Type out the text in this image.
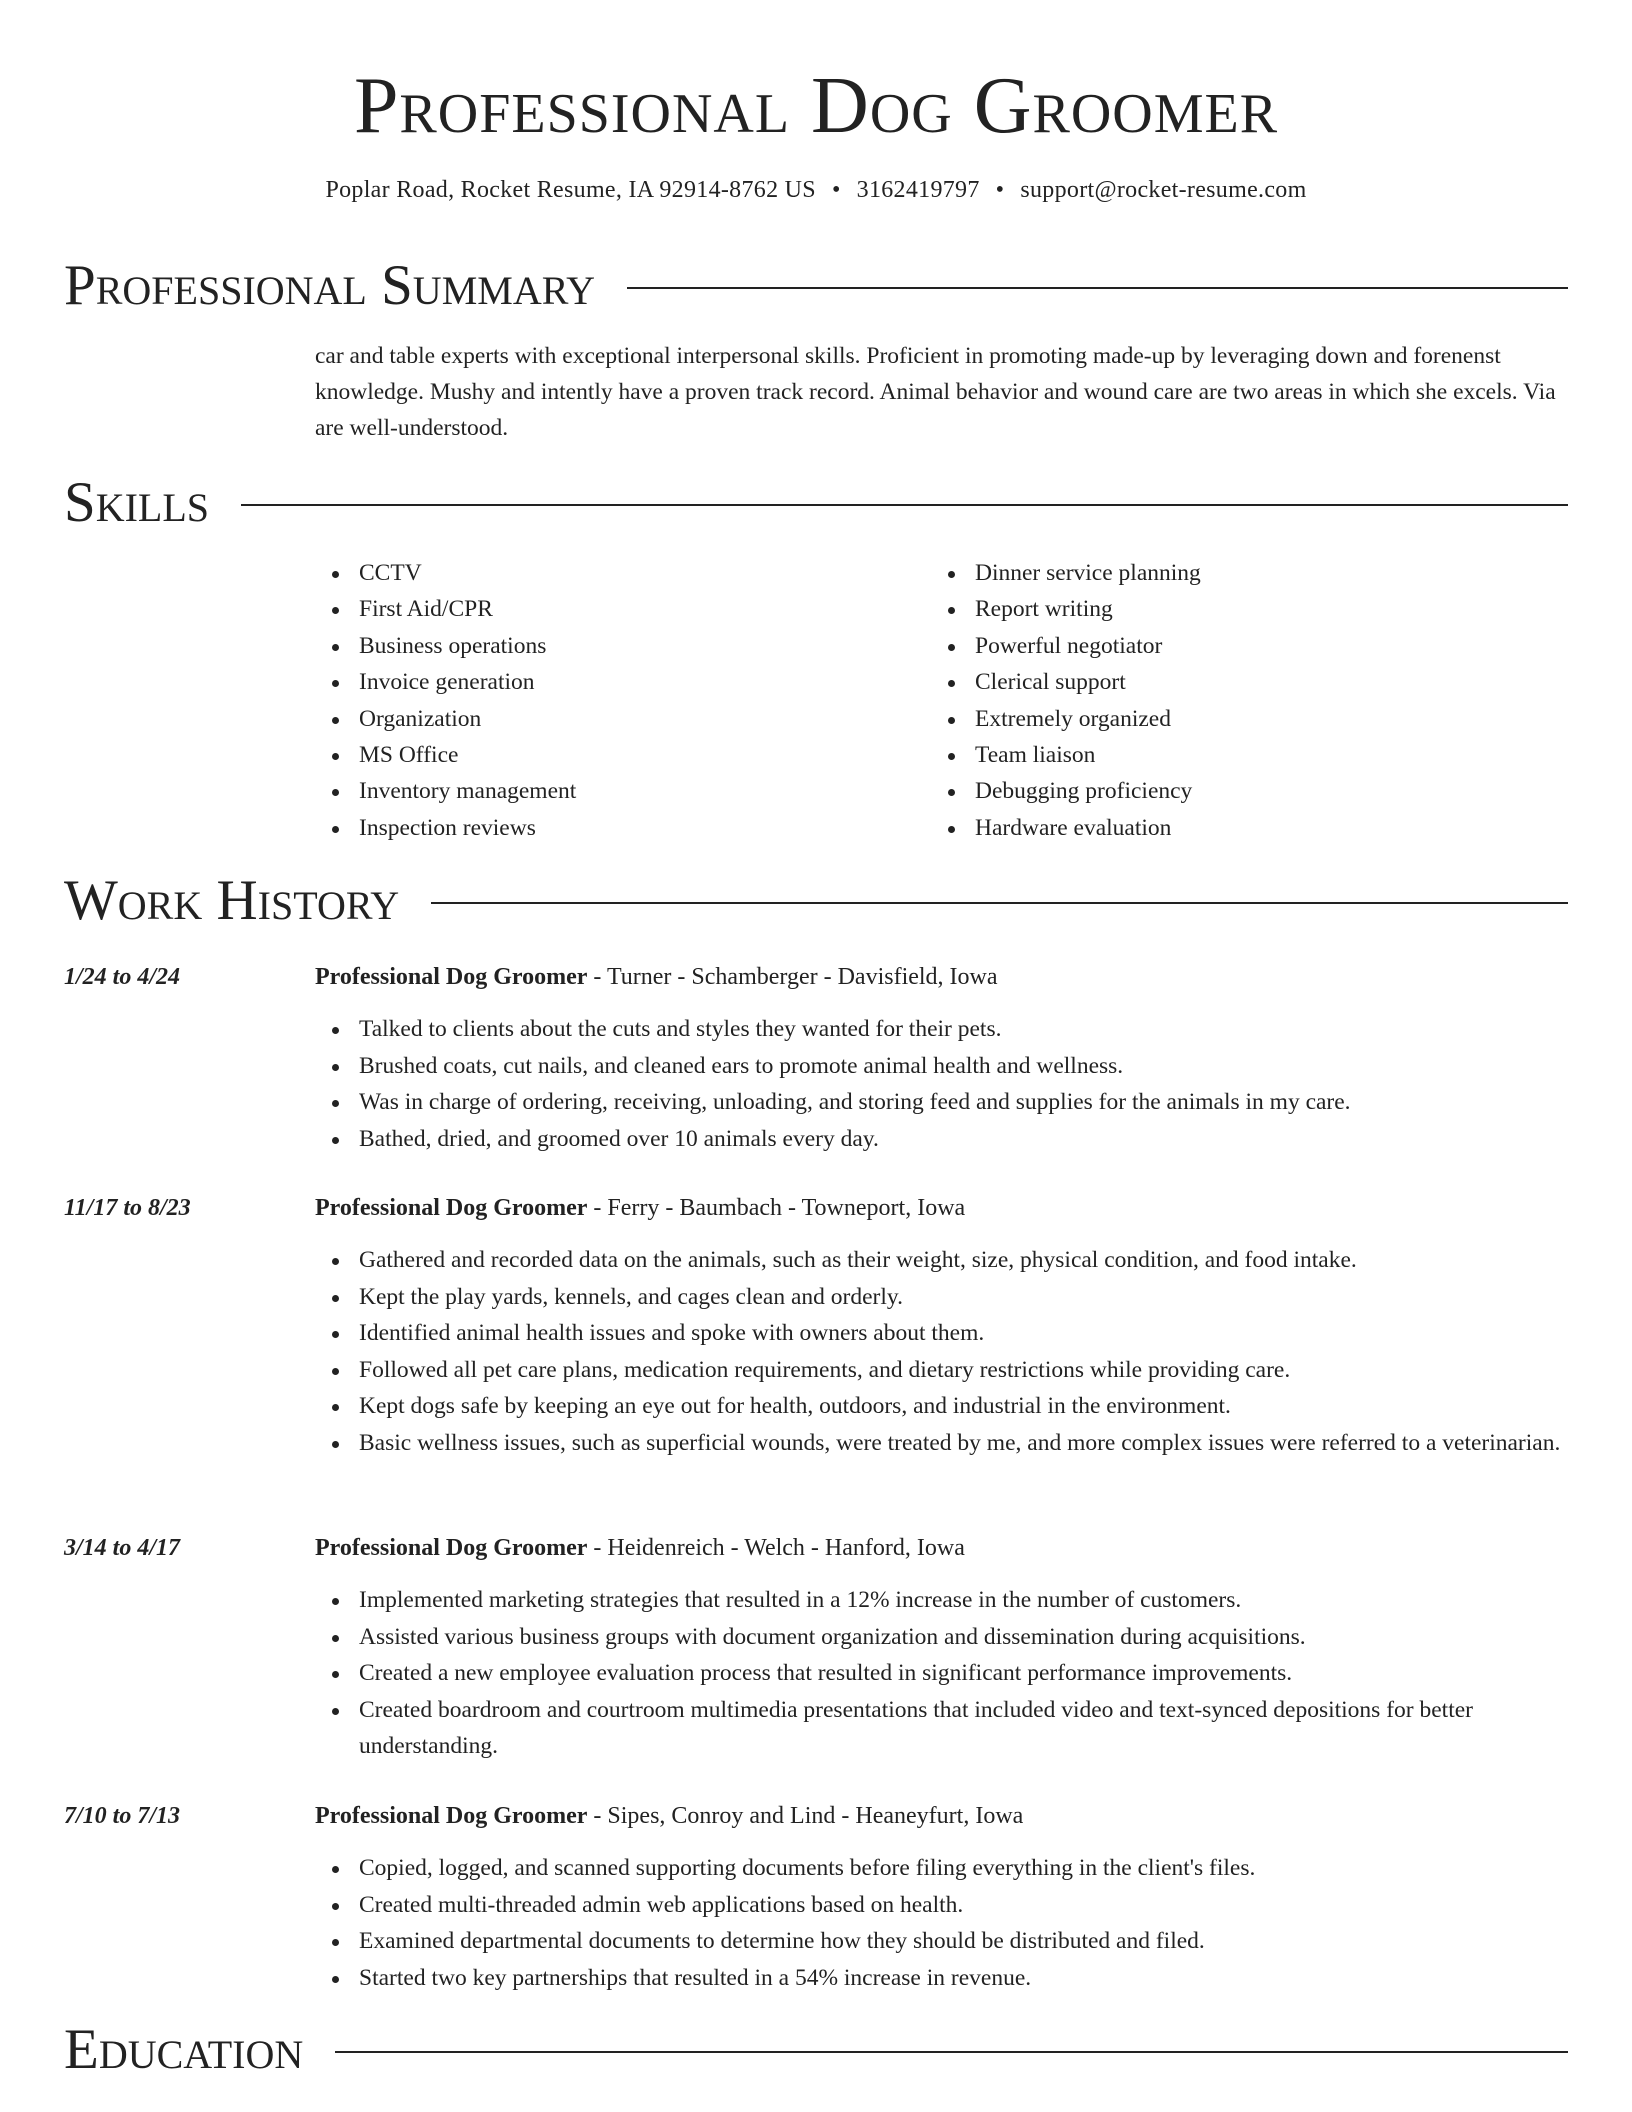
Professional Dog Groomer
Poplar Road, Rocket Resume, IA 92914-8762 US • 3162419797 • support@rocket-resume.com
Professional Summary

car and table experts with exceptional interpersonal skills. Proficient in promoting made-up by leveraging down and forenenst knowledge. Mushy and intently have a proven track record. Animal behavior and wound care are two areas in which she excels. Via are well-understood.

Skills
CCTV
First Aid/CPR
Business operations
Invoice generation
Organization
MS Office
Inventory management
Inspection reviews
Dinner service planning
Report writing
Powerful negotiator
Clerical support
Extremely organized
Team liaison
Debugging proficiency
Hardware evaluation
Work History
1/24 to 4/24	Professional Dog Groomer - Turner - Schamberger - Davisfield, Iowa
Talked to clients about the cuts and styles they wanted for their pets.
Brushed coats, cut nails, and cleaned ears to promote animal health and wellness.
Was in charge of ordering, receiving, unloading, and storing feed and supplies for the animals in my care.
Bathed, dried, and groomed over 10 animals every day.
11/17 to 8/23	Professional Dog Groomer - Ferry - Baumbach - Towneport, Iowa
Gathered and recorded data on the animals, such as their weight, size, physical condition, and food intake.
Kept the play yards, kennels, and cages clean and orderly.
Identified animal health issues and spoke with owners about them.
Followed all pet care plans, medication requirements, and dietary restrictions while providing care.
Kept dogs safe by keeping an eye out for health, outdoors, and industrial in the environment.
Basic wellness issues, such as superficial wounds, were treated by me, and more complex issues were referred to a veterinarian.
3/14 to 4/17	Professional Dog Groomer - Heidenreich - Welch - Hanford, Iowa
Implemented marketing strategies that resulted in a 12% increase in the number of customers.
Assisted various business groups with document organization and dissemination during acquisitions.
Created a new employee evaluation process that resulted in significant performance improvements.
Created boardroom and courtroom multimedia presentations that included video and text-synced depositions for better understanding.
7/10 to 7/13	Professional Dog Groomer - Sipes, Conroy and Lind - Heaneyfurt, Iowa
Copied, logged, and scanned supporting documents before filing everything in the client's files.
Created multi-threaded admin web applications based on health.
Examined departmental documents to determine how they should be distributed and filed.
Started two key partnerships that resulted in a 54% increase in revenue.
Education
